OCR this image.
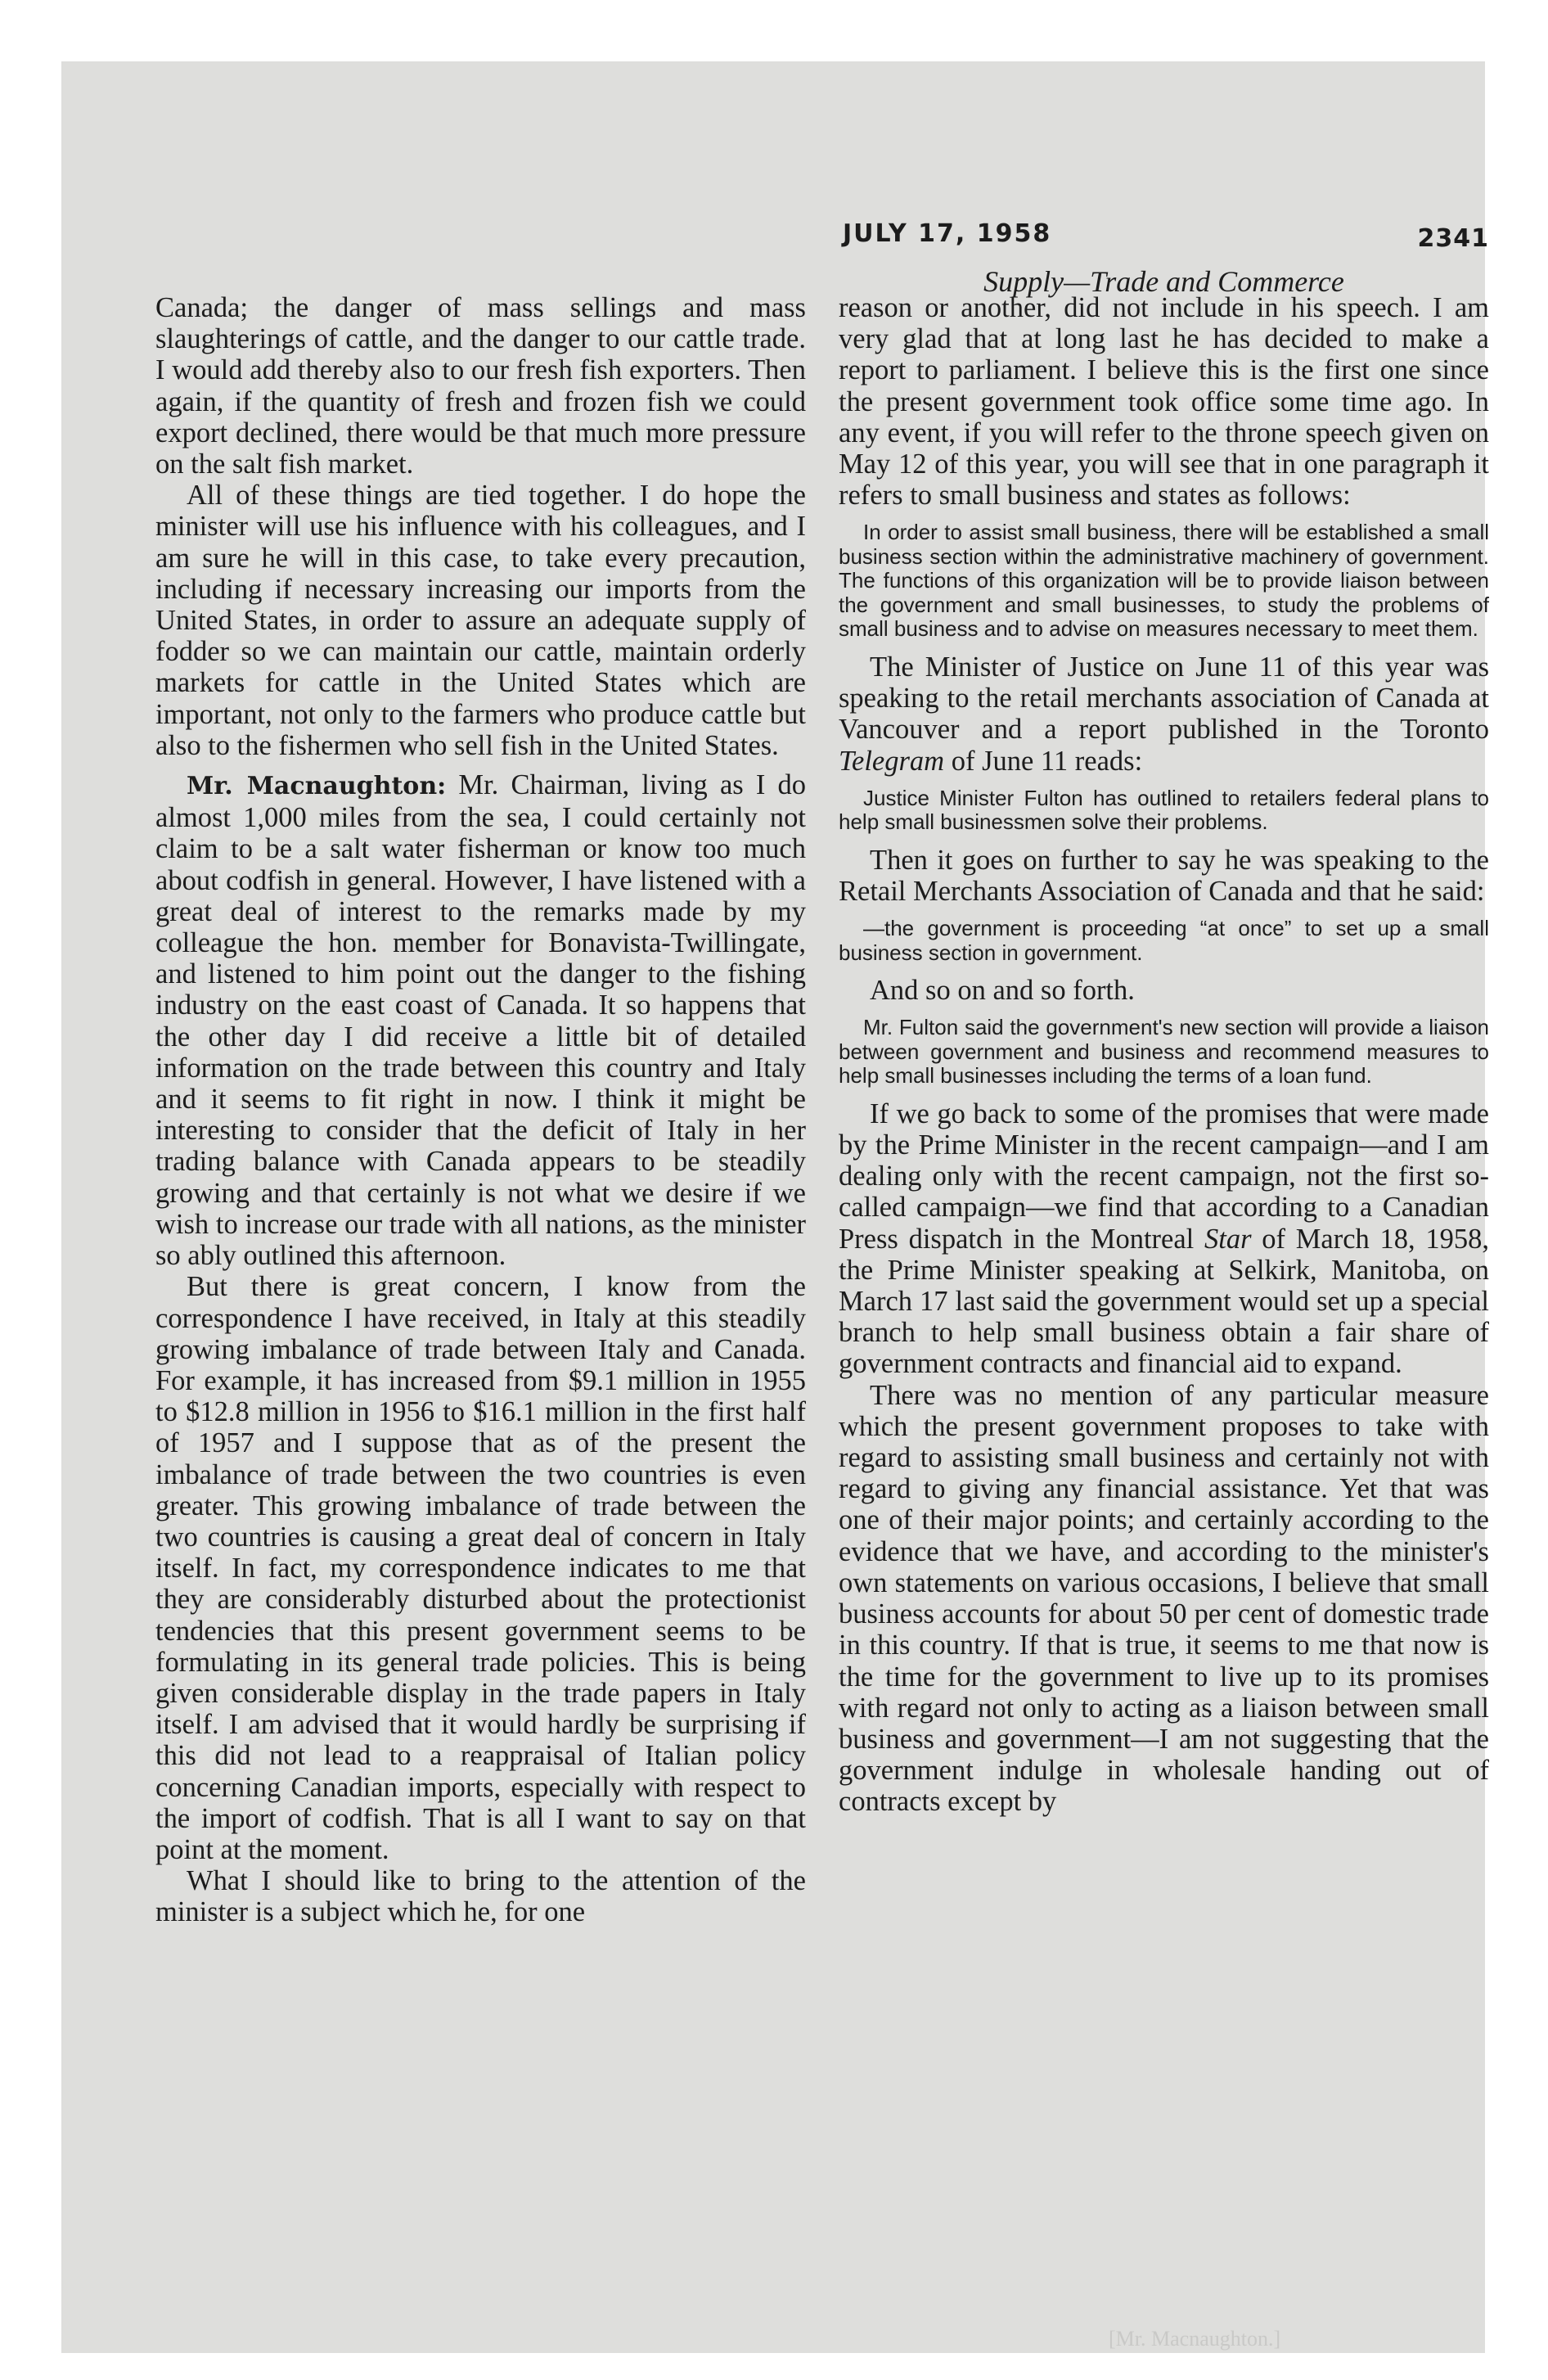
JULY 17, 1958	2341
Supply—Trade and Commerce

Canada; the danger of mass sellings and mass slaughterings of cattle, and the danger to our cattle trade. I would add thereby also to our fresh fish exporters. Then again, if the quantity of fresh and frozen fish we could export declined, there would be that much more pressure on the salt fish market.

All of these things are tied together. I do hope the minister will use his influence with his colleagues, and I am sure he will in this case, to take every precaution, including if necessary increasing our imports from the United States, in order to assure an adequate supply of fodder so we can maintain our cattle, maintain orderly markets for cattle in the United States which are important, not only to the farmers who produce cattle but also to the fishermen who sell fish in the United States.

Mr. Macnaughton: Mr. Chairman, living as I do almost 1,000 miles from the sea, I could certainly not claim to be a salt water fisherman or know too much about codfish in general. However, I have listened with a great deal of interest to the remarks made by my colleague the hon. member for Bonavista-Twillingate, and listened to him point out the danger to the fishing industry on the east coast of Canada. It so happens that the other day I did receive a little bit of detailed information on the trade between this country and Italy and it seems to fit right in now. I think it might be interesting to consider that the deficit of Italy in her trading balance with Canada appears to be steadily growing and that certainly is not what we desire if we wish to increase our trade with all nations, as the minister so ably outlined this afternoon.

But there is great concern, I know from the correspondence I have received, in Italy at this steadily growing imbalance of trade between Italy and Canada. For example, it has increased from $9.1 million in 1955 to $12.8 million in 1956 to $16.1 million in the first half of 1957 and I suppose that as of the present the imbalance of trade between the two countries is even greater. This growing imbalance of trade between the two countries is causing a great deal of concern in Italy itself. In fact, my correspondence indicates to me that they are considerably disturbed about the protectionist tendencies that this present government seems to be formulating in its general trade policies. This is being given considerable display in the trade papers in Italy itself. I am advised that it would hardly be surprising if this did not lead to a reappraisal of Italian policy concerning Canadian imports, especially with respect to the import of codfish. That is all I want to say on that point at the moment.

What I should like to bring to the attention of the minister is a subject which he, for one

reason or another, did not include in his speech. I am very glad that at long last he has decided to make a report to parliament. I believe this is the first one since the present government took office some time ago. In any event, if you will refer to the throne speech given on May 12 of this year, you will see that in one paragraph it refers to small business and states as follows:

In order to assist small business, there will be established a small business section within the administrative machinery of government. The functions of this organization will be to provide liaison between the government and small businesses, to study the problems of small business and to advise on measures necessary to meet them.

The Minister of Justice on June 11 of this year was speaking to the retail merchants association of Canada at Vancouver and a report published in the Toronto Telegram of June 11 reads:

Justice Minister Fulton has outlined to retailers federal plans to help small businessmen solve their problems.

Then it goes on further to say he was speaking to the Retail Merchants Association of Canada and that he said:

—the government is proceeding “at once” to set up a small business section in government.

And so on and so forth.

Mr. Fulton said the government's new section will provide a liaison between government and business and recommend measures to help small businesses including the terms of a loan fund.

If we go back to some of the promises that were made by the Prime Minister in the recent campaign—and I am dealing only with the recent campaign, not the first so-called campaign—we find that according to a Canadian Press dispatch in the Montreal Star of March 18, 1958, the Prime Minister speaking at Selkirk, Manitoba, on March 17 last said the government would set up a special branch to help small business obtain a fair share of government contracts and financial aid to expand.

There was no mention of any particular measure which the present government proposes to take with regard to assisting small business and certainly not with regard to giving any financial assistance. Yet that was one of their major points; and certainly according to the evidence that we have, and according to the minister's own statements on various occasions, I believe that small business accounts for about 50 per cent of domestic trade in this country. If that is true, it seems to me that now is the time for the government to live up to its promises with regard not only to acting as a liaison between small business and government—I am not suggesting that the government indulge in wholesale handing out of contracts except by

[Mr. Macnaughton.]
